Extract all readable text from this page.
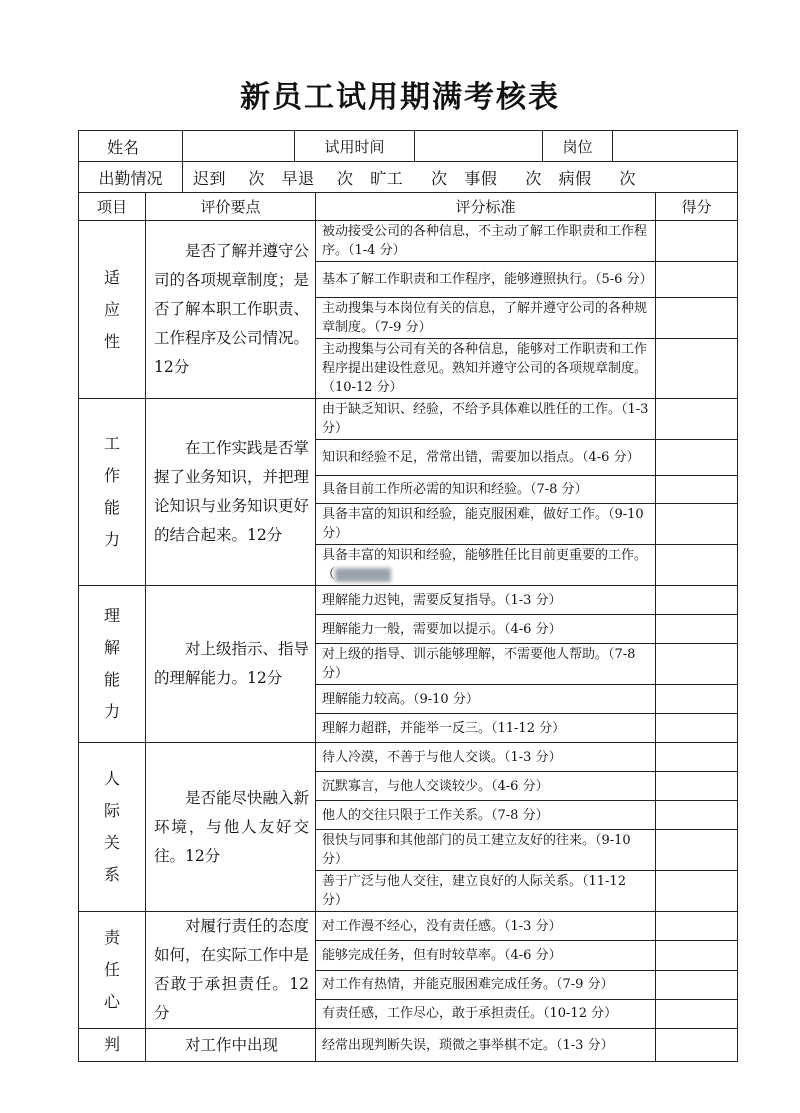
新员工试用期满考核表
姓名		试用时间		岗位	
出勤情况	迟到    次   早退    次   旷工     次   事假     次   病假     次				
项目	评价要点	评分标准	得分

适
应
性	是否了解并遵守公司的各项规章制度；是否了解本职工作职责、工作程序及公司情况。12分	被动接受公司的各种信息，不主动了解工作职责和工作程序。（1-4 分）	
		基本了解工作职责和工作程序，能够遵照执行。（5-6 分）	
		主动搜集与本岗位有关的信息，了解并遵守公司的各种规章制度。（7-9 分）	
		主动搜集与公司有关的各种信息，能够对工作职责和工作程序提出建设性意见。熟知并遵守公司的各项规章制度。（10-12 分）	

工
作
能
力	在工作实践是否掌握了业务知识，并把理论知识与业务知识更好的结合起来。12分	由于缺乏知识、经验，不给予具体难以胜任的工作。（1-3 分）	
		知识和经验不足，常常出错，需要加以指点。（4-6 分）	
		具备目前工作所必需的知识和经验。（7-8 分）	
		具备丰富的知识和经验，能克服困难，做好工作。（9-10 分）	
		具备丰富的知识和经验，能够胜任比目前更重要的工作。（	

理
解
能
力	对上级指示、指导的理解能力。12分	理解能力迟钝，需要反复指导。（1-3 分）	
		理解能力一般，需要加以提示。（4-6 分）	
		对上级的指导、训示能够理解，不需要他人帮助。（7-8 分）	
		理解能力较高。（9-10 分）	
		理解力超群，并能举一反三。（11-12 分）	

人
际
关
系	是否能尽快融入新环境，与他人友好交往。12分	待人冷漠，不善于与他人交谈。（1-3 分）	
		沉默寡言，与他人交谈较少。（4-6 分）	
		他人的交往只限于工作关系。（7-8 分）	
		很快与同事和其他部门的员工建立友好的往来。（9-10 分）	
		善于广泛与他人交往，建立良好的人际关系。（11-12 分）	

责
任
心	对履行责任的态度如何，在实际工作中是否敢于承担责任。12分	对工作漫不经心，没有责任感。（1-3 分）	
		能够完成任务，但有时较草率。（4-6 分）	
		对工作有热情，并能克服困难完成任务。（7-9 分）	
		有责任感，工作尽心，敢于承担责任。（10-12 分）	

判	对工作中出现	经常出现判断失误，琐微之事举棋不定。（1-3 分）	
